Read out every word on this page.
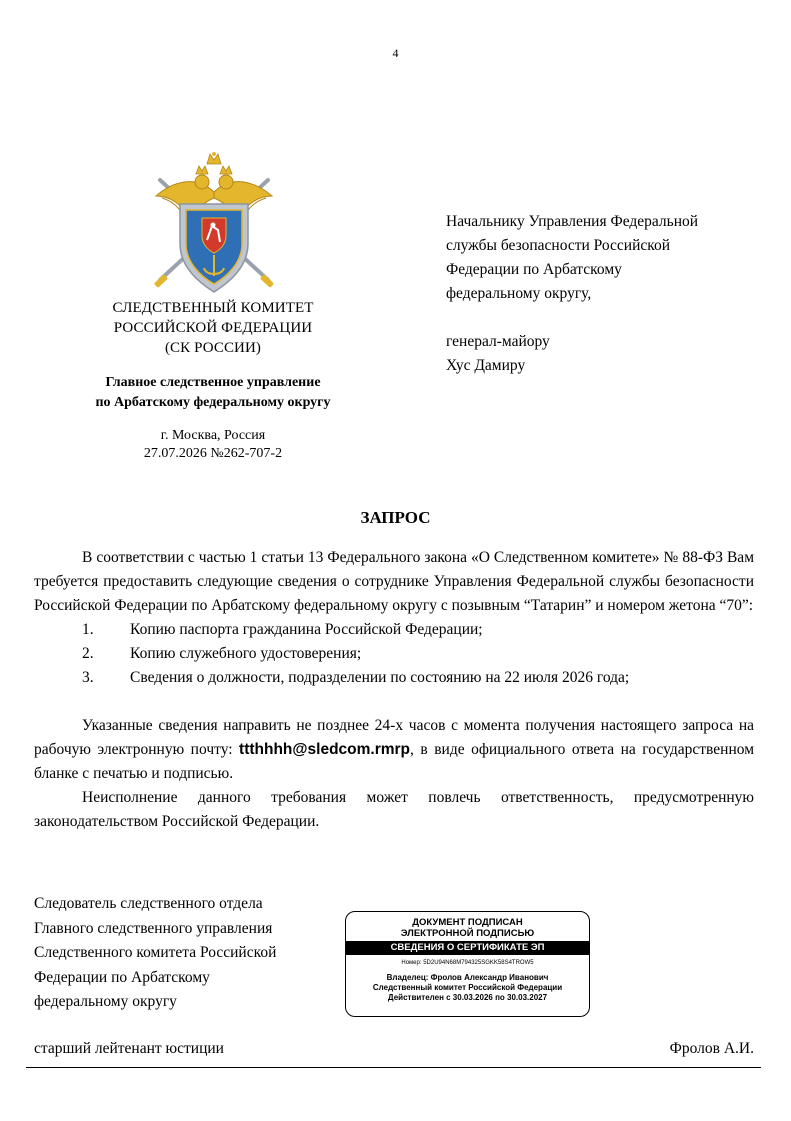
4
СЛЕДСТВЕННЫЙ КОМИТЕТ
РОССИЙСКОЙ ФЕДЕРАЦИИ
(СК РОССИИ)
Главное следственное управление
по Арбатскому федеральному округу
г. Москва, Россия
27.07.2026 №262-707-2
Начальнику Управления Федеральной
службы безопасности Российской
Федерации по Арбатскому
федеральному округу,
генерал-майору
Хус Дамиру
ЗАПРОС

В соответствии с частью 1 статьи 13 Федерального закона «О Следственном комитете» № 88-ФЗ Вам требуется предоставить следующие сведения о сотруднике Управления Федеральной службы безопасности Российской Федерации по Арбатскому федеральному округу с позывным “Татарин” и номером жетона “70”:

1. Копию паспорта гражданина Российской Федерации;
2. Копию служебного удостоверения;
3. Сведения о должности, подразделении по состоянию на 22 июля 2026 года;

Указанные сведения направить не позднее 24-х часов с момента получения настоящего запроса на рабочую электронную почту: ttthhhh@sledcom.rmrp, в виде официального ответа на государственном бланке с печатью и подписью.

Неисполнение данного требования может повлечь ответственность, предусмотренную законодательством Российской Федерации.

Следователь следственного отдела
Главного следственного управления
Следственного комитета Российской
Федерации по Арбатскому
федеральному округу
ДОКУМЕНТ ПОДПИСАН
ЭЛЕКТРОННОЙ ПОДПИСЬЮ
СВЕДЕНИЯ О СЕРТИФИКАТЕ ЭП
Номер: 5D2U94N68M794325SGKK58S4TROW5
Владелец: Фролов Александр Иванович
Следственный комитет Российской Федерации
Действителен с 30.03.2026 по 30.03.2027
старший лейтенант юстиции	Фролов А.И.
